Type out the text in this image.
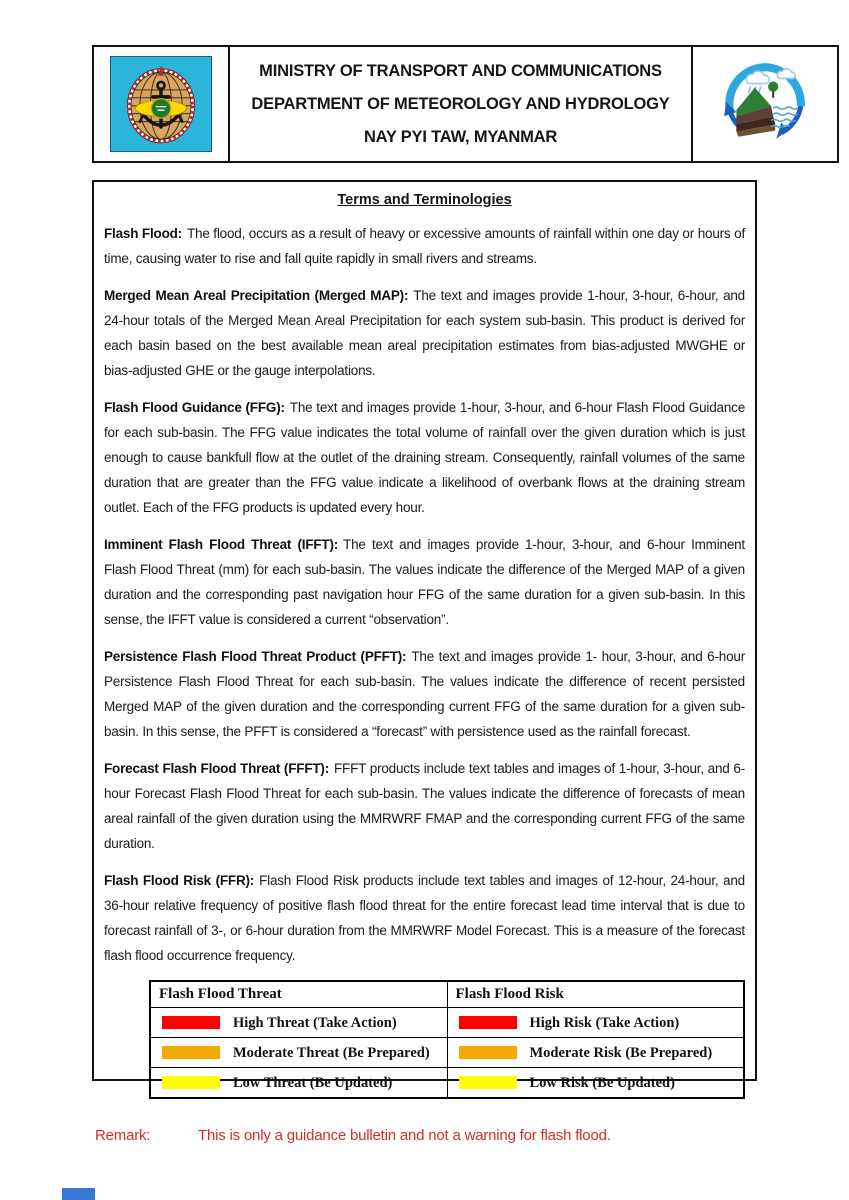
MINISTRY OF TRANSPORT AND COMMUNICATIONS
DEPARTMENT OF METEOROLOGY AND HYDROLOGY
NAY PYI TAW, MYANMAR
Terms and Terminologies

Flash Flood: The flood, occurs as a result of heavy or excessive amounts of rainfall within one day or hours of time, causing water to rise and fall quite rapidly in small rivers and streams.

Merged Mean Areal Precipitation (Merged MAP): The text and images provide 1-hour, 3-hour, 6-hour, and 24-hour totals of the Merged Mean Areal Precipitation for each system sub-basin. This product is derived for each basin based on the best available mean areal precipitation estimates from bias-adjusted MWGHE or bias-adjusted GHE or the gauge interpolations.

Flash Flood Guidance (FFG): The text and images provide 1-hour, 3-hour, and 6-hour Flash Flood Guidance for each sub-basin. The FFG value indicates the total volume of rainfall over the given duration which is just enough to cause bankfull flow at the outlet of the draining stream. Consequently, rainfall volumes of the same duration that are greater than the FFG value indicate a likelihood of overbank flows at the draining stream outlet. Each of the FFG products is updated every hour.

Imminent Flash Flood Threat (IFFT): The text and images provide 1-hour, 3-hour, and 6-hour Imminent Flash Flood Threat (mm) for each sub-basin. The values indicate the difference of the Merged MAP of a given duration and the corresponding past navigation hour FFG of the same duration for a given sub-basin. In this sense, the IFFT value is considered a current “observation”.

Persistence Flash Flood Threat Product (PFFT): The text and images provide 1- hour, 3-hour, and 6-hour Persistence Flash Flood Threat for each sub-basin. The values indicate the difference of recent persisted Merged MAP of the given duration and the corresponding current FFG of the same duration for a given sub-basin. In this sense, the PFFT is considered a “forecast” with persistence used as the rainfall forecast.

Forecast Flash Flood Threat (FFFT): FFFT products include text tables and images of 1-hour, 3-hour, and 6-hour Forecast Flash Flood Threat for each sub-basin. The values indicate the difference of forecasts of mean areal rainfall of the given duration using the MMRWRF FMAP and the corresponding current FFG of the same duration.

Flash Flood Risk (FFR): Flash Flood Risk products include text tables and images of 12-hour, 24-hour, and 36-hour relative frequency of positive flash flood threat for the entire forecast lead time interval that is due to forecast rainfall of 3-, or 6-hour duration from the MMRWRF Model Forecast. This is a measure of the forecast flash flood occurrence frequency.

Flash Flood Threat	Flash Flood Risk
High Threat (Take Action)	High Risk (Take Action)
Moderate Threat (Be Prepared)	Moderate Risk (Be Prepared)
Low Threat (Be Updated)	Low Risk (Be Updated)
Remark:	This is only a guidance bulletin and not a warning for flash flood.
